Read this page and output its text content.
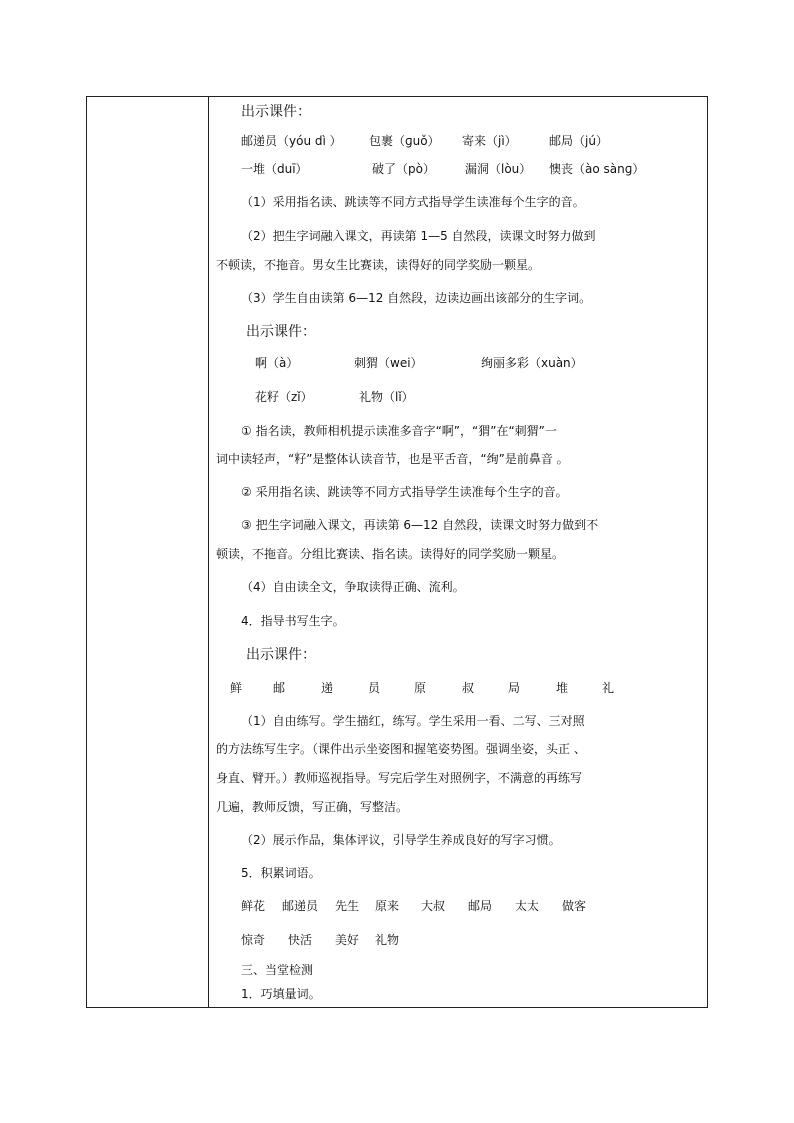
出示课件：
邮递员（yóu dì ） 包裹（ɡuǒ） 寄来（jì）	邮局（jú）
一堆（duī）	破了（pò）	漏洞（lòu） 懊丧（ào sànɡ）
（1）采用指名读、跳读等不同方式指导学生读准每个生字的音。
（2）把生字词融入课文，再读第 1—5 自然段，读课文时努力做到
不顿读，不拖音。男女生比赛读，读得好的同学奖励一颗星。
（3）学生自由读第 6—12 自然段，边读边画出该部分的生字词。
出示课件：
啊（à）	刺猬（wei）	绚丽多彩（xuàn）
花籽（zǐ）	礼物（lǐ）
① 指名读，教师相机提示读准多音字“啊”，“猬”在“刺猬”一
词中读轻声，“籽”是整体认读音节，也是平舌音，“绚”是前鼻音 。
② 采用指名读、跳读等不同方式指导学生读准每个生字的音。
③ 把生字词融入课文，再读第 6—12 自然段，读课文时努力做到不
顿读，不拖音。分组比赛读、指名读。读得好的同学奖励一颗星。
（4）自由读全文，争取读得正确、流利。
4．指导书写生字。
出示课件：
鲜	邮	递	员	原	叔	局	堆	礼
（1）自由练写。学生描红，练写。学生采用一看、二写、三对照
的方法练写生字。（课件出示坐姿图和握笔姿势图。强调坐姿，头正 、
身直、臂开。）教师巡视指导。写完后学生对照例字，不满意的再练写
几遍，教师反馈，写正确，写整洁。
（2）展示作品，集体评议，引导学生养成良好的写字习惯。
5．积累词语。
鲜花 邮递员 先生 原来 大叔 邮局 太太 做客
惊奇 快活 美好 礼物
三、当堂检测
1．巧填量词。
